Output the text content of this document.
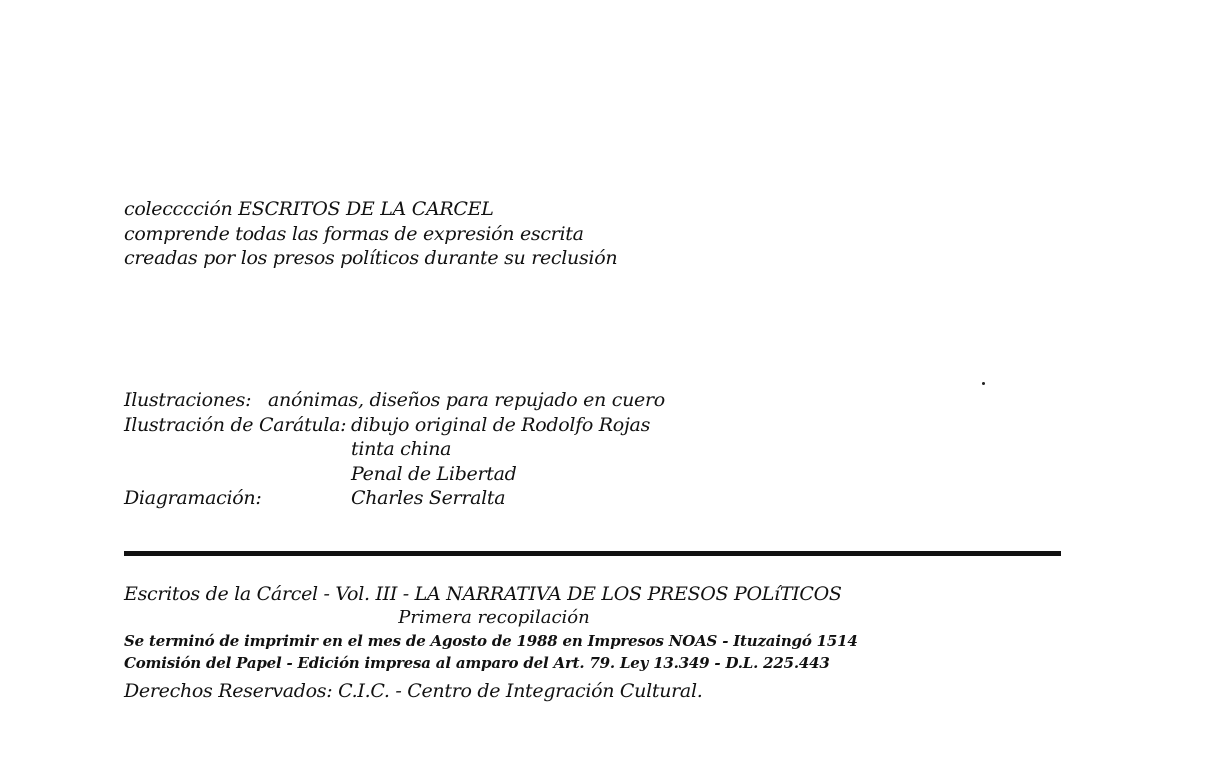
colecccción ESCRITOS DE LA CARCEL
comprende todas las formas de expresión escrita
creadas por los presos políticos durante su reclusión
Ilustraciones: anónimas, diseños para repujado en cuero
Ilustración de Carátula: dibujo original de Rodolfo Rojas
tinta china
Penal de Libertad
Diagramación:	Charles Serralta
Escritos de la Cárcel - Vol. III - LA NARRATIVA DE LOS PRESOS POLíTICOS
Primera recopilación
Se terminó de imprimir en el mes de Agosto de 1988 en Impresos NOAS - Ituzaingó 1514
Comisión del Papel - Edición impresa al amparo del Art. 79. Ley 13.349 - D.L. 225.443
Derechos Reservados: C.I.C. - Centro de Integración Cultural.
